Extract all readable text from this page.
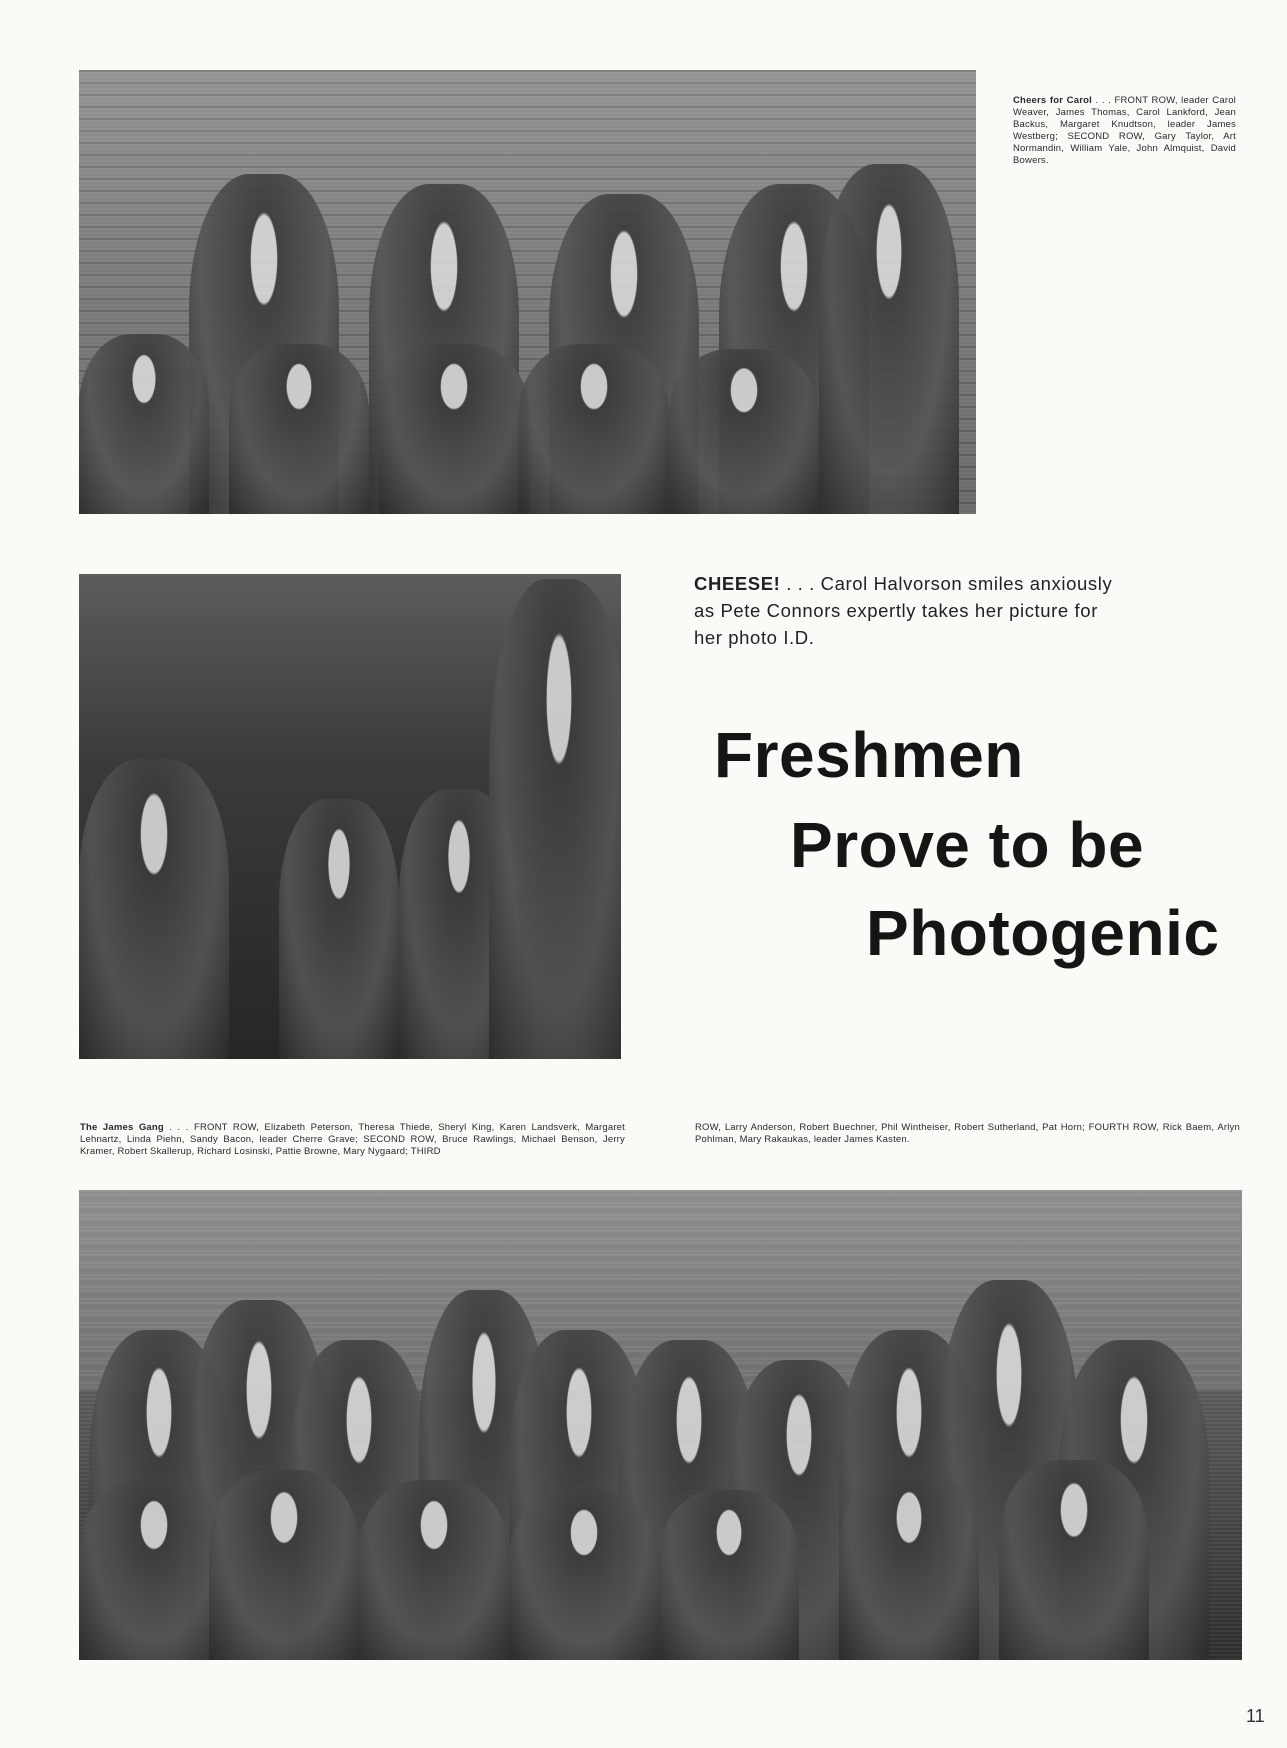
Cheers for Carol . . . FRONT ROW, leader Carol Weaver, James Thomas, Carol Lankford, Jean Backus, Margaret Knudtson, leader James Westberg; SECOND ROW, Gary Taylor, Art Normandin, William Yale, John Almquist, David Bowers.
CHEESE! . . . Carol Halvorson smiles anxiously as Pete Connors expertly takes her picture for her photo I.D.
Freshmen
Prove to be
Photogenic
The James Gang . . . FRONT ROW, Elizabeth Peterson, Theresa Thiede, Sheryl King, Karen Landsverk, Margaret Lehnartz, Linda Piehn, Sandy Bacon, leader Cherre Grave; SECOND ROW, Bruce Rawlings, Michael Benson, Jerry Kramer, Robert Skallerup, Richard Losinski, Pattie Browne, Mary Nygaard; THIRD
ROW, Larry Anderson, Robert Buechner, Phil Wintheiser, Robert Sutherland, Pat Horn; FOURTH ROW, Rick Baem, Arlyn Pohlman, Mary Rakaukas, leader James Kasten.
11
